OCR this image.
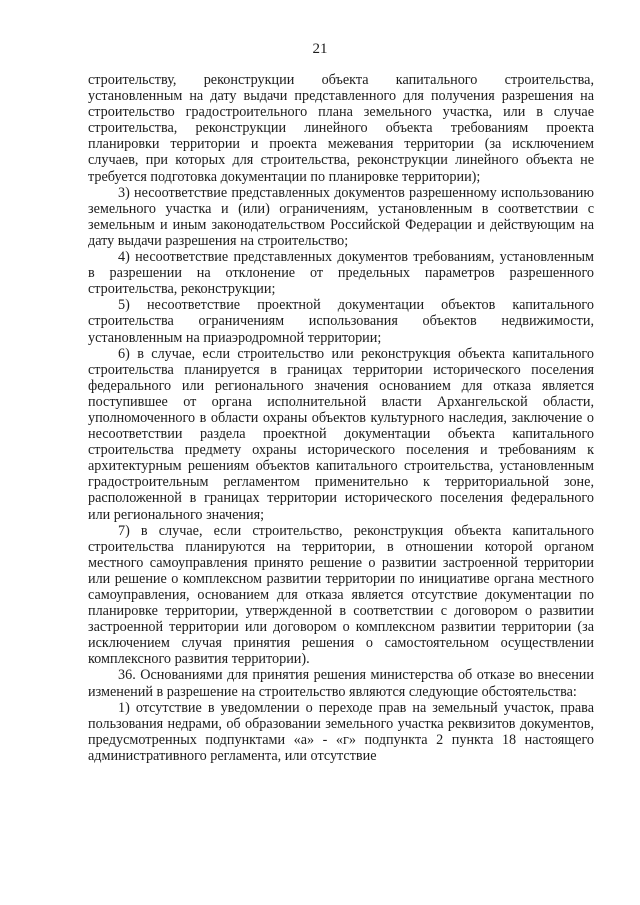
21

строительству, реконструкции объекта капитального строительства, установленным на дату выдачи представленного для получения разрешения на строительство градостроительного плана земельного участка, или в случае строительства, реконструкции линейного объекта требованиям проекта планировки территории и проекта межевания территории (за исключением случаев, при которых для строительства, реконструкции линейного объекта не требуется подготовка документации по планировке территории);

3) несоответствие представленных документов разрешенному использованию земельного участка и (или) ограничениям, установленным в соответствии с земельным и иным законодательством Российской Федерации и действующим на дату выдачи разрешения на строительство;

4) несоответствие представленных документов требованиям, установленным в разрешении на отклонение от предельных параметров разрешенного строительства, реконструкции;

5) несоответствие проектной документации объектов капитального строительства ограничениям использования объектов недвижимости, установленным на приаэродромной территории;

6) в случае, если строительство или реконструкция объекта капитального строительства планируется в границах территории исторического поселения федерального или регионального значения основанием для отказа является поступившее от органа исполнительной власти Архангельской области, уполномоченного в области охраны объектов культурного наследия, заключение о несоответствии раздела проектной документации объекта капитального строительства предмету охраны исторического поселения и требованиям к архитектурным решениям объектов капитального строительства, установленным градостроительным регламентом применительно к территориальной зоне, расположенной в границах территории исторического поселения федерального или регионального значения;

7) в случае, если строительство, реконструкция объекта капитального строительства планируются на территории, в отношении которой органом местного самоуправления принято решение о развитии застроенной территории или решение о комплексном развитии территории по инициативе органа местного самоуправления, основанием для отказа является отсутствие документации по планировке территории, утвержденной в соответствии с договором о развитии застроенной территории или договором о комплексном развитии территории (за исключением случая принятия решения о самостоятельном осуществлении комплексного развития территории).

36. Основаниями для принятия решения министерства об отказе во внесении изменений в разрешение на строительство являются следующие обстоятельства:

1) отсутствие в уведомлении о переходе прав на земельный участок, права пользования недрами, об образовании земельного участка реквизитов документов, предусмотренных подпунктами «а» - «г» подпункта 2 пункта 18 настоящего административного регламента, или отсутствие
